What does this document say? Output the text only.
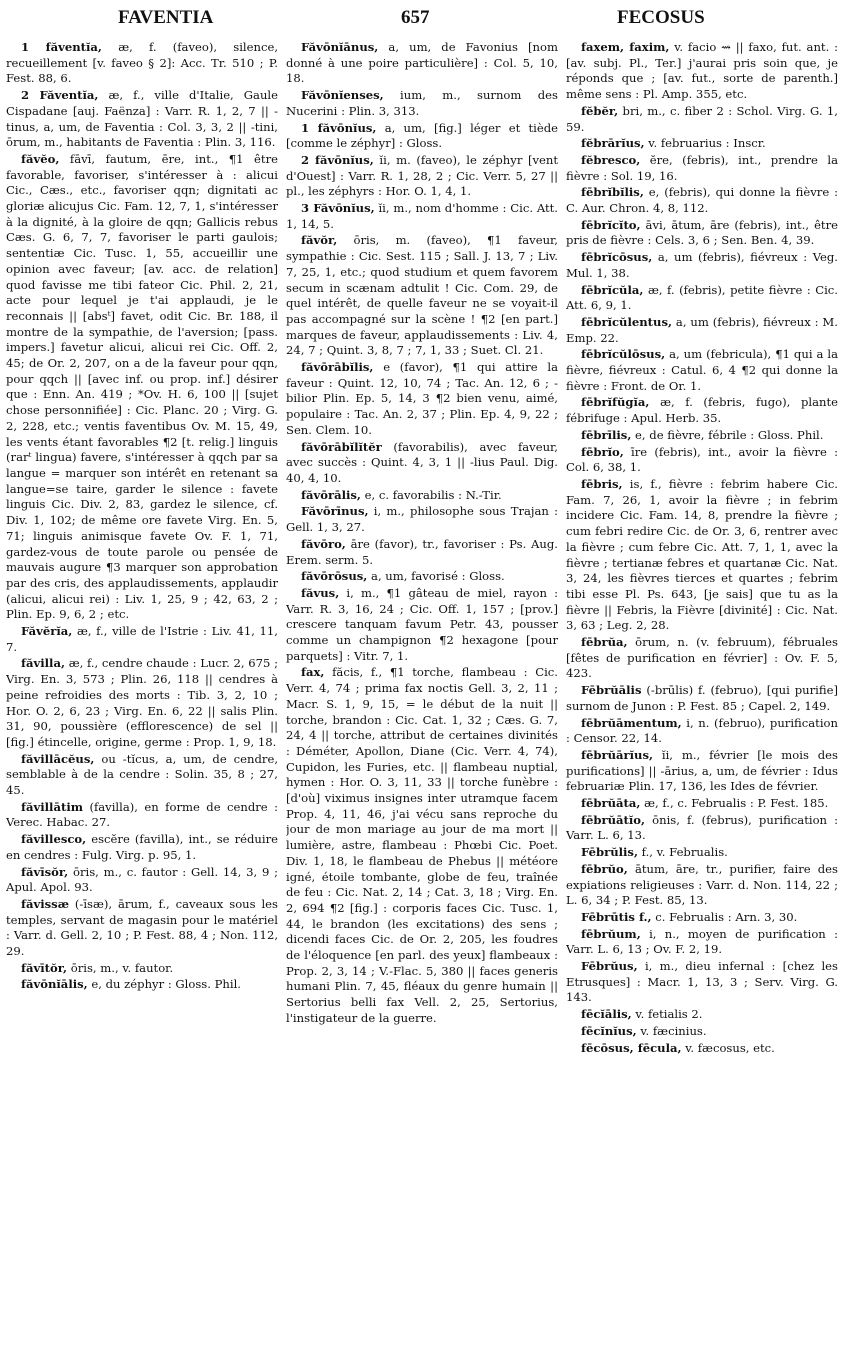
FAVENTIA	657	FECOSUS

1 făventĭa, æ, f. (faveo), silence, recueillement [v. faveo § 2]: Acc. Tr. 510 ; P. Fest. 88, 6.

2 Făventĭa, æ, f., ville d'Italie, Gaule Cispadane [auj. Faënza] : Varr. R. 1, 2, 7 || -tinus, a, um, de Faventia : Col. 3, 3, 2 || -tini, ōrum, m., habitants de Faventia : Plin. 3, 116.

făvĕo, fāvī, fautum, ēre, int., ¶1 être favorable, favoriser, s'intéresser à : alicui Cic., Cæs., etc., favoriser qqn; dignitati ac gloriæ alicujus Cic. Fam. 12, 7, 1, s'intéresser à la dignité, à la gloire de qqn; Gallicis rebus Cæs. G. 6, 7, 7, favoriser le parti gaulois; sententiæ Cic. Tusc. 1, 55, accueillir une opinion avec faveur; [av. acc. de relation] quod favisse me tibi fateor Cic. Phil. 2, 21, acte pour lequel je t'ai applaudi, je le reconnais || [absᵗ] favet, odit Cic. Br. 188, il montre de la sympathie, de l'aversion; [pass. impers.] favetur alicui, alicui rei Cic. Off. 2, 45; de Or. 2, 207, on a de la faveur pour qqn, pour qqch || [avec inf. ou prop. inf.] désirer que : Enn. An. 419 ; *Ov. H. 6, 100 || [sujet chose personnifiée] : Cic. Planc. 20 ; Virg. G. 2, 228, etc.; ventis faventibus Ov. M. 15, 49, les vents étant favorables ¶2 [t. relig.] linguis (rarᵗ lingua) favere, s'intéresser à qqch par sa langue = marquer son intérêt en retenant sa langue=se taire, garder le silence : favete linguis Cic. Div. 2, 83, gardez le silence, cf. Div. 1, 102; de même ore favete Virg. En. 5, 71; linguis animisque favete Ov. F. 1, 71, gardez-vous de toute parole ou pensée de mauvais augure ¶3 marquer son approbation par des cris, des applaudissements, applaudir (alicui, alicui rei) : Liv. 1, 25, 9 ; 42, 63, 2 ; Plin. Ep. 9, 6, 2 ; etc.

Făvĕrĭa, æ, f., ville de l'Istrie : Liv. 41, 11, 7.

făvilla, æ, f., cendre chaude : Lucr. 2, 675 ; Virg. En. 3, 573 ; Plin. 26, 118 || cendres à peine refroidies des morts : Tib. 3, 2, 10 ; Hor. O. 2, 6, 23 ; Virg. En. 6, 22 || salis Plin. 31, 90, poussière (efflorescence) de sel || [fig.] étincelle, origine, germe : Prop. 1, 9, 18.

făvillācĕus, ou -tĭcus, a, um, de cendre, semblable à de la cendre : Solin. 35, 8 ; 27, 45.

făvillātim (favilla), en forme de cendre : Verec. Habac. 27.

făvillesco, escĕre (favilla), int., se réduire en cendres : Fulg. Virg. p. 95, 1.

făvīsŏr, ōris, m., c. fautor : Gell. 14, 3, 9 ; Apul. Apol. 93.

făvissæ (-īsæ), ārum, f., caveaux sous les temples, servant de magasin pour le matériel : Varr. d. Gell. 2, 10 ; P. Fest. 88, 4 ; Non. 112, 29.

făvītŏr, ōris, m., v. fautor.

făvōnĭālis, e, du zéphyr : Gloss. Phil.

Făvōnĭānus, a, um, de Favonius [nom donné à une poire particulière] : Col. 5, 10, 18.

Făvōnĭenses, ium, m., surnom des Nucerini : Plin. 3, 313.

1 făvōnĭus, a, um, [fig.] léger et tiède [comme le zéphyr] : Gloss.

2 făvōnĭus, ĭi, m. (faveo), le zéphyr [vent d'Ouest] : Varr. R. 1, 28, 2 ; Cic. Verr. 5, 27 || pl., les zéphyrs : Hor. O. 1, 4, 1.

3 Făvōnĭus, ĭi, m., nom d'homme : Cic. Att. 1, 14, 5.

făvŏr, ōris, m. (faveo), ¶1 faveur, sympathie : Cic. Sest. 115 ; Sall. J. 13, 7 ; Liv. 7, 25, 1, etc.; quod studium et quem favorem secum in scænam adtulit ! Cic. Com. 29, de quel intérêt, de quelle faveur ne se voyait-il pas accompagné sur la scène ! ¶2 [en part.] marques de faveur, applaudissements : Liv. 4, 24, 7 ; Quint. 3, 8, 7 ; 7, 1, 33 ; Suet. Cl. 21.

făvōrābĭlis, e (favor), ¶1 qui attire la faveur : Quint. 12, 10, 74 ; Tac. An. 12, 6 ; -bilior Plin. Ep. 5, 14, 3 ¶2 bien venu, aimé, populaire : Tac. An. 2, 37 ; Plin. Ep. 4, 9, 22 ; Sen. Clem. 10.

făvōrābĭlĭtĕr (favorabilis), avec faveur, avec succès : Quint. 4, 3, 1 || -lius Paul. Dig. 40, 4, 10.

făvōrālis, e, c. favorabilis : N.-Tir.

Făvōrīnus, i, m., philosophe sous Trajan : Gell. 1, 3, 27.

făvōro, āre (favor), tr., favoriser : Ps. Aug. Erem. serm. 5.

făvōrōsus, a, um, favorisé : Gloss.

făvus, i, m., ¶1 gâteau de miel, rayon : Varr. R. 3, 16, 24 ; Cic. Off. 1, 157 ; [prov.] crescere tanquam favum Petr. 43, pousser comme un champignon ¶2 hexagone [pour parquets] : Vitr. 7, 1.

fax, făcis, f., ¶1 torche, flambeau : Cic. Verr. 4, 74 ; prima fax noctis Gell. 3, 2, 11 ; Macr. S. 1, 9, 15, = le début de la nuit || torche, brandon : Cic. Cat. 1, 32 ; Cæs. G. 7, 24, 4 || torche, attribut de certaines divinités : Déméter, Apollon, Diane (Cic. Verr. 4, 74), Cupidon, les Furies, etc. || flambeau nuptial, hymen : Hor. O. 3, 11, 33 || torche funèbre : [d'où] viximus insignes inter utramque facem Prop. 4, 11, 46, j'ai vécu sans reproche du jour de mon mariage au jour de ma mort || lumière, astre, flambeau : Phœbi Cic. Poet. Div. 1, 18, le flambeau de Phebus || météore igné, étoile tombante, globe de feu, traînée de feu : Cic. Nat. 2, 14 ; Cat. 3, 18 ; Virg. En. 2, 694 ¶2 [fig.] : corporis faces Cic. Tusc. 1, 44, le brandon (les excitations) des sens ; dicendi faces Cic. de Or. 2, 205, les foudres de l'éloquence [en parl. des yeux] flambeaux : Prop. 2, 3, 14 ; V.-Flac. 5, 380 || faces generis humani Plin. 7, 45, fléaux du genre humain || Sertorius belli fax Vell. 2, 25, Sertorius, l'instigateur de la guerre.

faxem, faxim, v. facio ⇝ || faxo, fut. ant. : [av. subj. Pl., Ter.] j'aurai pris soin que, je réponds que ; [av. fut., sorte de parenth.] même sens : Pl. Amp. 355, etc.

fĕbĕr, bri, m., c. fiber 2 : Schol. Virg. G. 1, 59.

fĕbrārĭus, v. februarius : Inscr.

fĕbresco, ĕre, (febris), int., prendre la fièvre : Sol. 19, 16.

fēbrĭbĭlis, e, (febris), qui donne la fièvre : C. Aur. Chron. 4, 8, 112.

fēbrĭcĭto, āvi, ātum, āre (febris), int., être pris de fièvre : Cels. 3, 6 ; Sen. Ben. 4, 39.

fēbrĭcōsus, a, um (febris), fiévreux : Veg. Mul. 1, 38.

fēbrĭcŭla, æ, f. (febris), petite fièvre : Cic. Att. 6, 9, 1.

fēbrĭcŭlentus, a, um (febris), fiévreux : M. Emp. 22.

fēbrĭcŭlōsus, a, um (febricula), ¶1 qui a la fièvre, fiévreux : Catul. 6, 4 ¶2 qui donne la fièvre : Front. de Or. 1.

fēbrĭfŭgĭa, æ, f. (febris, fugo), plante fébrifuge : Apul. Herb. 35.

fēbrīlis, e, de fièvre, fébrile : Gloss. Phil.

fēbrĭo, īre (febris), int., avoir la fièvre : Col. 6, 38, 1.

fēbris, is, f., fièvre : febrim habere Cic. Fam. 7, 26, 1, avoir la fièvre ; in febrim incidere Cic. Fam. 14, 8, prendre la fièvre ; cum febri redire Cic. de Or. 3, 6, rentrer avec la fièvre ; cum febre Cic. Att. 7, 1, 1, avec la fièvre ; tertianæ febres et quartanæ Cic. Nat. 3, 24, les fièvres tierces et quartes ; febrim tibi esse Pl. Ps. 643, [je sais] que tu as la fièvre || Febris, la Fièvre [divinité] : Cic. Nat. 3, 63 ; Leg. 2, 28.

fēbrŭa, ōrum, n. (v. februum), fébruales [fêtes de purification en février] : Ov. F. 5, 423.

Fēbrŭālis (-brūlis) f. (februo), [qui purifie] surnom de Junon : P. Fest. 85 ; Capel. 2, 149.

fēbrŭāmentum, i, n. (februo), purification : Censor. 22, 14.

fēbrŭārĭus, ĭi, m., février [le mois des purifications] || -ārius, a, um, de février : Idus februariæ Plin. 17, 136, les Ides de février.

fēbrŭāta, æ, f., c. Februalis : P. Fest. 185.

fēbrŭātĭo, ōnis, f. (februs), purification : Varr. L. 6, 13.

Fēbrŭlis, f., v. Februalis.

fēbrŭo, ātum, āre, tr., purifier, faire des expiations religieuses : Varr. d. Non. 114, 22 ; L. 6, 34 ; P. Fest. 85, 13.

Fēbrūtis f., c. Februalis : Arn. 3, 30.

fēbrŭum, i, n., moyen de purification : Varr. L. 6, 13 ; Ov. F. 2, 19.

Fēbrŭus, i, m., dieu infernal : [chez les Etrusques] : Macr. 1, 13, 3 ; Serv. Virg. G. 143.

fēcĭālis, v. fetialis 2.

fēcĭnĭus, v. fæcinius.

fēcōsus, fēcula, v. fæcosus, etc.
